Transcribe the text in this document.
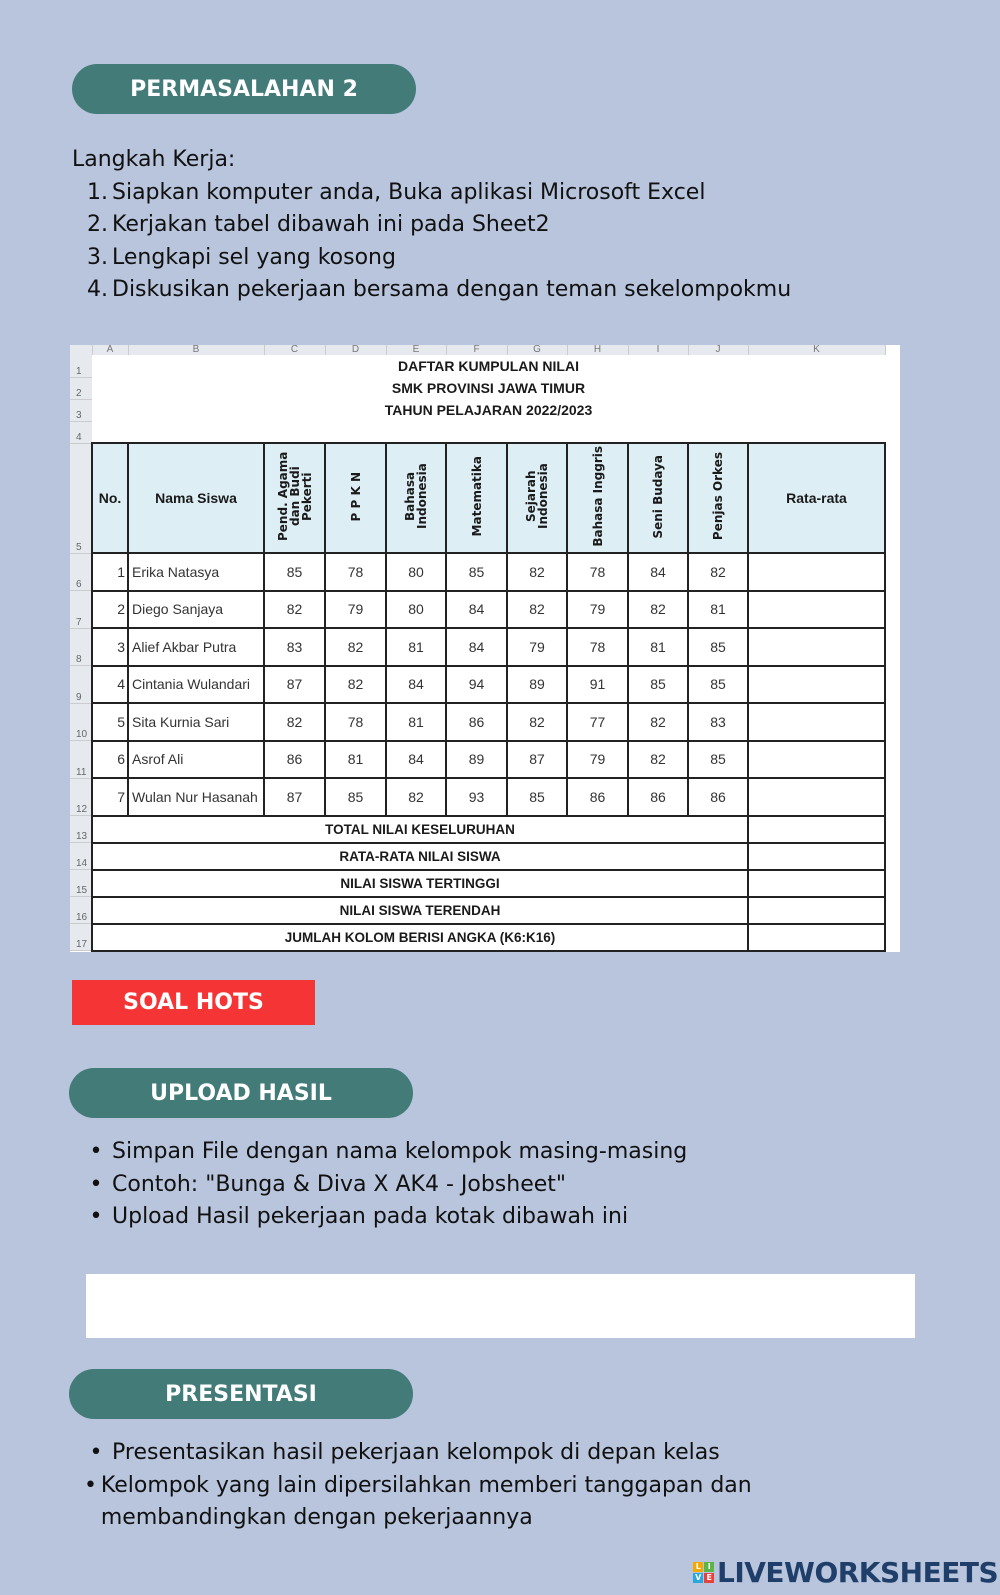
PERMASALAHAN 2
Langkah Kerja:
1. Siapkan komputer anda, Buka aplikasi Microsoft Excel
2. Kerjakan tabel dibawah ini pada Sheet2
3. Lengkapi sel yang kosong
4. Diskusikan pekerjaan bersama dengan teman sekelompokmu
	A	B	C	D	E	F	G	H	I	J	K
1	DAFTAR KUMPULAN NILAI										
2	SMK PROVINSI JAWA TIMUR										
3	TAHUN PELAJARAN 2022/2023										
4											
5	No.	Nama Siswa	Pend. Agama dan Budi Pekerti	P P K N	Bahasa Indonesia	Matematika	Sejarah Indonesia	Bahasa Inggris	Seni Budaya	Penjas Orkes	Rata-rata
6	1	Erika Natasya	85	78	80	85	82	78	84	82	
7	2	Diego Sanjaya	82	79	80	84	82	79	82	81	
8	3	Alief Akbar Putra	83	82	81	84	79	78	81	85	
9	4	Cintania Wulandari	87	82	84	94	89	91	85	85	
10	5	Sita Kurnia Sari	82	78	81	86	82	77	82	83	
11	6	Asrof Ali	86	81	84	89	87	79	82	85	
12	7	Wulan Nur Hasanah	87	85	82	93	85	86	86	86	
13	TOTAL NILAI KESELURUHAN										
14	RATA-RATA NILAI SISWA										
15	NILAI SISWA TERTINGGI										
16	NILAI SISWA TERENDAH										
17	JUMLAH KOLOM BERISI ANGKA (K6:K16)										
SOAL HOTS
UPLOAD HASIL
• Simpan File dengan nama kelompok masing-masing
• Contoh: "Bunga & Diva X AK4 - Jobsheet"
• Upload Hasil pekerjaan pada kotak dibawah ini
PRESENTASI
• Presentasikan hasil pekerjaan kelompok di depan kelas
• Kelompok yang lain dipersilahkan memberi tanggapan dan membandingkan dengan pekerjaannya
L I
V E LIVEWORKSHEETS
